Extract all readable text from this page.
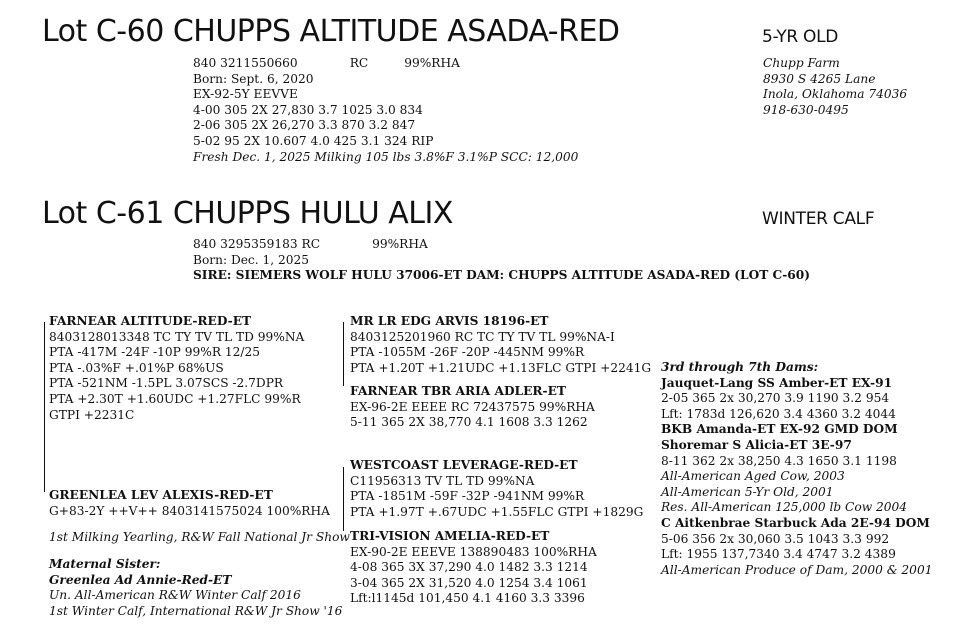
Lot C-60 CHUPPS ALTITUDE ASADA-RED	5-YR OLD
840 3211550660	RC	99%RHA
Born: Sept. 6, 2020
EX-92-5Y EEVVE
4-00 305 2X 27,830 3.7 1025 3.0 834
2-06 305 2X 26,270 3.3 870 3.2 847
5-02 95 2X 10.607 4.0 425 3.1 324 RIP
Fresh Dec. 1, 2025 Milking 105 lbs 3.8%F 3.1%P SCC: 12,000
Chupp Farm
8930 S 4265 Lane
Inola, Oklahoma 74036
918-630-0495
Lot C-61 CHUPPS HULU ALIX	WINTER CALF
840 3295359183 RC	99%RHA
Born: Dec. 1, 2025
SIRE: SIEMERS WOLF HULU 37006-ET DAM: CHUPPS ALTITUDE ASADA-RED (LOT C-60)
FARNEAR ALTITUDE-RED-ET
8403128013348 TC TY TV TL TD 99%NA
PTA -417M -24F -10P 99%R 12/25
PTA -.03%F +.01%P 68%US
PTA -521NM -1.5PL 3.07SCS -2.7DPR
PTA +2.30T +1.60UDC +1.27FLC 99%R
GTPI +2231C
GREENLEA LEV ALEXIS-RED-ET
G+83-2Y ++V++ 8403141575024 100%RHA
1st Milking Yearling, R&W Fall National Jr Show
Maternal Sister:
Greenlea Ad Annie-Red-ET
Un. All-American R&W Winter Calf 2016
1st Winter Calf, International R&W Jr Show '16
MR LR EDG ARVIS 18196-ET
8403125201960 RC TC TY TV TL 99%NA-I
PTA -1055M -26F -20P -445NM 99%R
PTA +1.20T +1.21UDC +1.13FLC GTPI +2241G
FARNEAR TBR ARIA ADLER-ET
EX-96-2E EEEE RC 72437575 99%RHA
5-11 365 2X 38,770 4.1 1608 3.3 1262
WESTCOAST LEVERAGE-RED-ET
C11956313 TV TL TD 99%NA
PTA -1851M -59F -32P -941NM 99%R
PTA +1.97T +.67UDC +1.55FLC GTPI +1829G
TRI-VISION AMELIA-RED-ET
EX-90-2E EEEVE 138890483 100%RHA
4-08 365 3X 37,290 4.0 1482 3.3 1214
3-04 365 2X 31,520 4.0 1254 3.4 1061
Lft:l1145d 101,450 4.1 4160 3.3 3396
3rd through 7th Dams:
Jauquet-Lang SS Amber-ET EX-91
2-05 365 2x 30,270 3.9 1190 3.2 954
Lft: 1783d 126,620 3.4 4360 3.2 4044
BKB Amanda-ET EX-92 GMD DOM
Shoremar S Alicia-ET 3E-97
8-11 362 2x 38,250 4.3 1650 3.1 1198
All-American Aged Cow, 2003
All-American 5-Yr Old, 2001
Res. All-American 125,000 lb Cow 2004
C Aitkenbrae Starbuck Ada 2E-94 DOM
5-06 356 2x 30,060 3.5 1043 3.3 992
Lft: 1955 137,7340 3.4 4747 3.2 4389
All-American Produce of Dam, 2000 & 2001
